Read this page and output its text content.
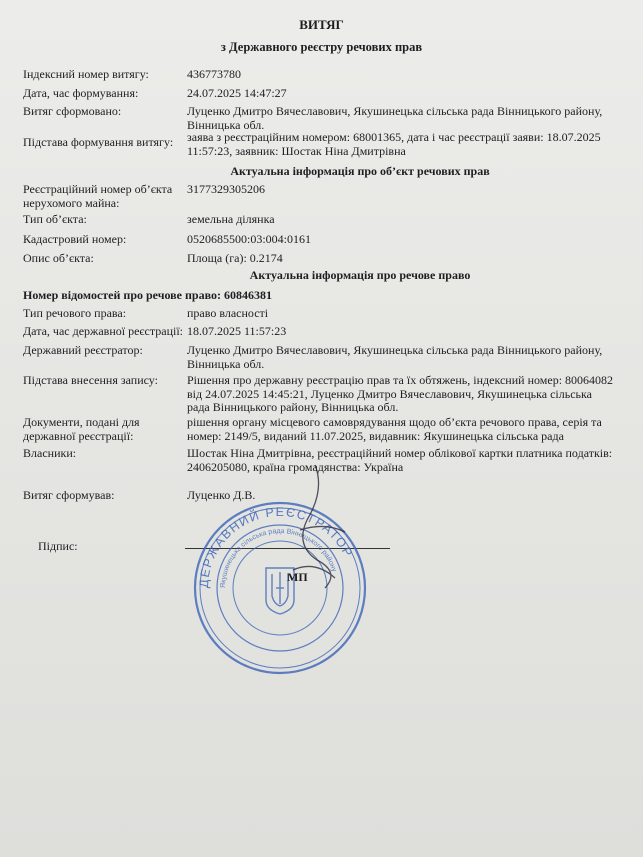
ВИТЯГ
з Державного реєстру речових прав
Індексний номер витягу:	436773780
Дата, час формування:	24.07.2025 14:47:27
Витяг сформовано:	Луценко Дмитро Вячеславович, Якушинецька сільська рада Вінницького району, Вінницька обл.
Підстава формування витягу:	заява з реєстраційним номером: 68001365, дата і час реєстрації заяви: 18.07.2025 11:57:23, заявник: Шостак Ніна Дмитрівна
Актуальна інформація про об’єкт речових прав
Реєстраційний номер об’єкта нерухомого майна:
3177329305206
Тип об’єкта:	земельна ділянка
Кадастровий номер:	0520685500:03:004:0161
Опис об’єкта:	Площа (га): 0.2174
Актуальна інформація про речове право
Номер відомостей про речове право: 60846381
Тип речового права:	право власності
Дата, час державної реєстрації: 18.07.2025 11:57:23
Державний реєстратор:	Луценко Дмитро Вячеславович, Якушинецька сільська рада Вінницького району, Вінницька обл.
Підстава внесення запису:	Рішення про державну реєстрацію прав та їх обтяжень, індексний номер: 80064082 від 24.07.2025 14:45:21, Луценко Дмитро Вячеславович, Якушинецька сільська рада Вінницького району, Вінницька обл.
Документи, подані для державної реєстрації:
рішення органу місцевого самоврядування щодо об’єкта речового права, серія та номер: 2149/5, виданий 11.07.2025, видавник: Якушинецька сільська рада
Власники:	Шостак Ніна Дмитрівна, реєстраційний номер облікової картки платника податків: 2406205080, країна громадянства: Україна
Витяг сформував:	Луценко Д.В.
Підпис:
ДЕРЖАВНИЙ РЕЄСТРАТОР
Якушинецька сільська рада Вінницького району
МП
